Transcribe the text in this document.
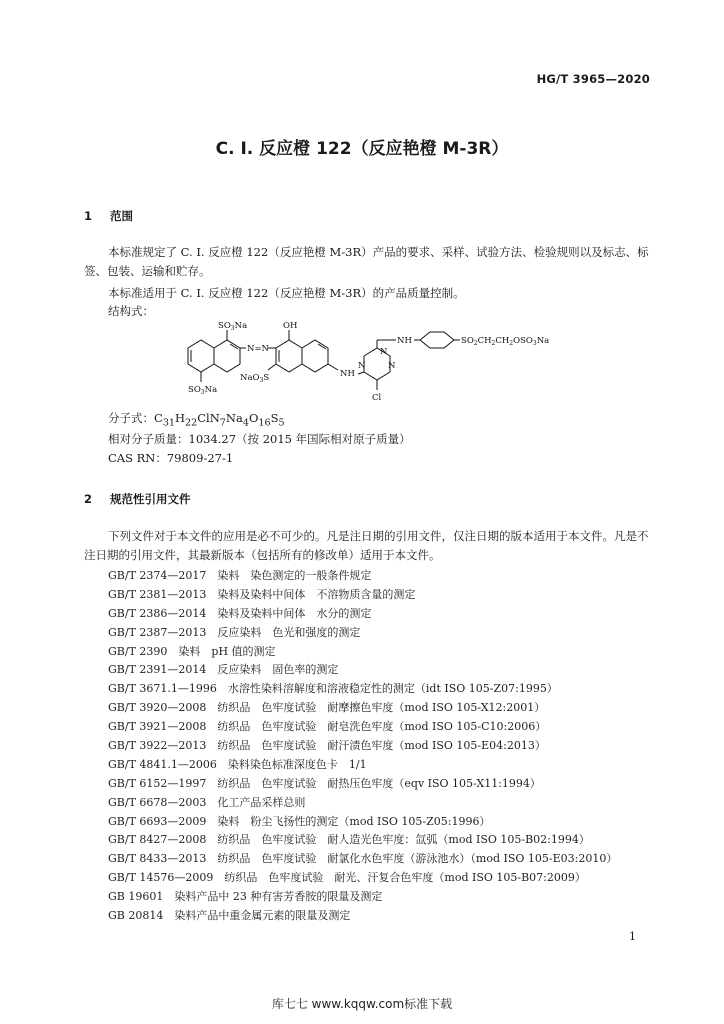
HG/T 3965—2020
C. I. 反应橙 122（反应艳橙 M-3R）
1 范围
本标准规定了 C. I. 反应橙 122（反应艳橙 M-3R）产品的要求、采样、试验方法、检验规则以及标志、标签、包装、运输和贮存。
本标准适用于 C. I. 反应橙 122（反应艳橙 M-3R）的产品质量控制。
结构式：
$SO_3Na$
N=N
OH
NaO$_3$S	NH
NH
N
N	N
Cl
$SO_3Na$
$SO_2CH_2CH_2OSO_3Na$
分子式：$C_{31}H_{22}ClN_7Na_4O_{16}S_5$
相对分子质量：1034.27（按 2015 年国际相对原子质量）
CAS RN：79809-27-1
2 规范性引用文件
下列文件对于本文件的应用是必不可少的。凡是注日期的引用文件，仅注日期的版本适用于本文件。凡是不注日期的引用文件，其最新版本（包括所有的修改单）适用于本文件。
GB/T 2374—2017　染料　染色测定的一般条件规定
GB/T 2381—2013　染料及染料中间体　不溶物质含量的测定
GB/T 2386—2014　染料及染料中间体　水分的测定
GB/T 2387—2013　反应染料　色光和强度的测定
GB/T 2390　染料　pH 值的测定
GB/T 2391—2014　反应染料　固色率的测定
GB/T 3671.1—1996　水溶性染料溶解度和溶液稳定性的测定（idt ISO 105-Z07:1995）
GB/T 3920—2008　纺织品　色牢度试验　耐摩擦色牢度（mod ISO 105-X12:2001）
GB/T 3921—2008　纺织品　色牢度试验　耐皂洗色牢度（mod ISO 105-C10:2006）
GB/T 3922—2013　纺织品　色牢度试验　耐汗渍色牢度（mod ISO 105-E04:2013）
GB/T 4841.1—2006　染料染色标准深度色卡　1/1
GB/T 6152—1997　纺织品　色牢度试验　耐热压色牢度（eqv ISO 105-X11:1994）
GB/T 6678—2003　化工产品采样总则
GB/T 6693—2009　染料　粉尘飞扬性的测定（mod ISO 105-Z05:1996）
GB/T 8427—2008　纺织品　色牢度试验　耐人造光色牢度：氙弧（mod ISO 105-B02:1994）
GB/T 8433—2013　纺织品　色牢度试验　耐氯化水色牢度（游泳池水）（mod ISO 105-E03:2010）
GB/T 14576—2009　纺织品　色牢度试验　耐光、汗复合色牢度（mod ISO 105-B07:2009）
GB 19601　染料产品中 23 种有害芳香胺的限量及测定
GB 20814　染料产品中重金属元素的限量及测定
1
库七七 www.kqqw.com标准下载
